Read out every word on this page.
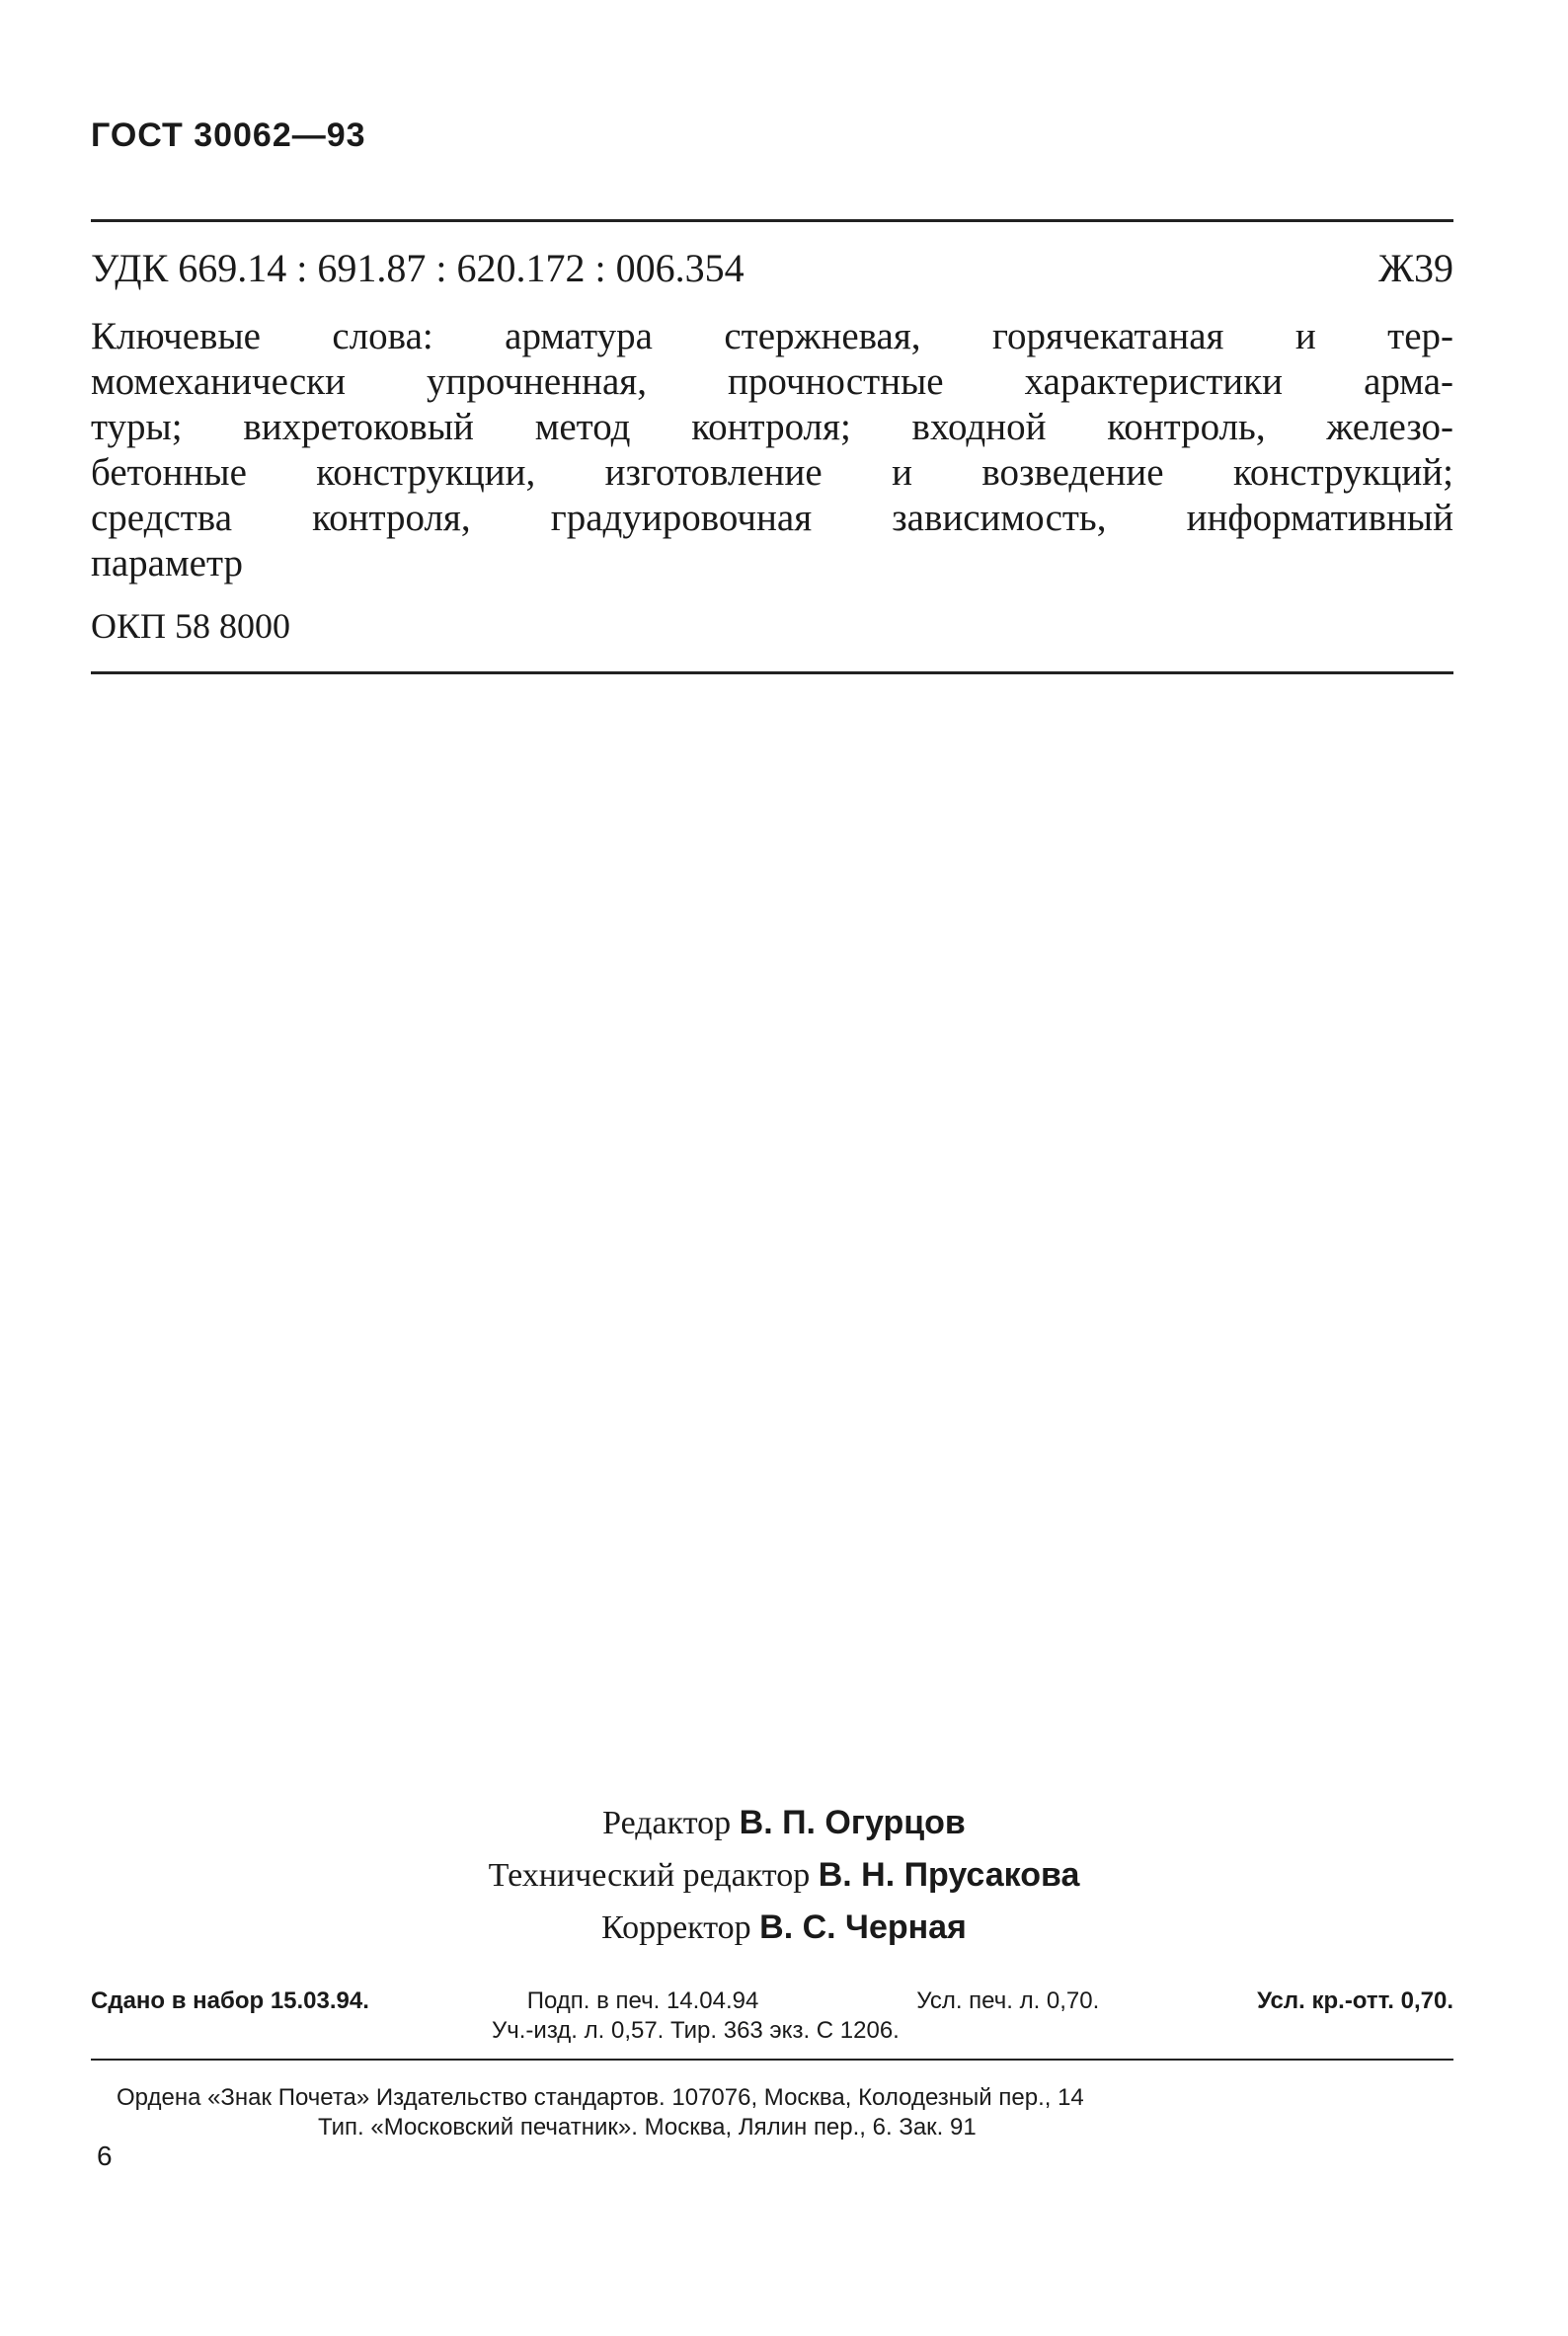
ГОСТ 30062—93
УДК 669.14 : 691.87 : 620.172 : 006.354	Ж39
Ключевые слова: арматура стержневая, горячекатаная и тер-
момеханически упрочненная, прочностные характеристики арма-
туры; вихретоковый метод контроля; входной контроль, железо-
бетонные конструкции, изготовление и возведение конструкций;
средства контроля, градуировочная зависимость, информативный
параметр
ОКП 58 8000
Редактор В. П. Огурцов
Технический редактор В. Н. Прусакова
Корректор В. С. Черная
Сдано в набор 15.03.94.	Подп. в печ. 14.04.94	Усл. печ. л. 0,70.	Усл. кр.-отт. 0,70.
Уч.-изд. л. 0,57. Тир. 363 экз. С 1206.
Ордена «Знак Почета» Издательство стандартов. 107076, Москва, Колодезный пер., 14
Тип. «Московский печатник». Москва, Лялин пер., 6. Зак. 91
6
